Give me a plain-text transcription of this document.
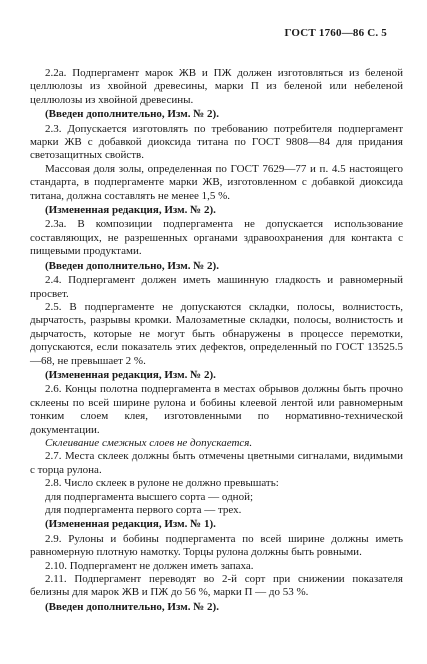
ГОСТ 1760—86 С. 5

2.2а. Подпергамент марок ЖВ и ПЖ должен изготовляться из беленой целлюлозы из хвойной древесины, марки П из беленой или небеленой целлюлозы из хвойной древесины.

(Введен дополнительно, Изм. № 2).

2.3. Допускается изготовлять по требованию потребителя подпергамент марки ЖВ с добавкой диоксида титана по ГОСТ 9808—84 для придания светозащитных свойств.

Массовая доля золы, определенная по ГОСТ 7629—77 и п. 4.5 настоящего стандарта, в подпергаменте марки ЖВ, изготовленном с добавкой диоксида титана, должна составлять не менее 1,5 %.

(Измененная редакция, Изм. № 2).

2.3а. В композиции подпергамента не допускается использование составляющих, не разрешенных органами здравоохранения для контакта с пищевыми продуктами.

(Введен дополнительно, Изм. № 2).

2.4. Подпергамент должен иметь машинную гладкость и равномерный просвет.

2.5. В подпергаменте не допускаются складки, полосы, волнистость, дырчатость, разрывы кромки. Малозаметные складки, полосы, волнистость и дырчатость, которые не могут быть обнаружены в процессе перемотки, допускаются, если показатель этих дефектов, определенный по ГОСТ 13525.5—68, не превышает 2 %.

(Измененная редакция, Изм. № 2).

2.6. Концы полотна подпергамента в местах обрывов должны быть прочно склеены по всей ширине рулона и бобины клеевой лентой или равномерным тонким слоем клея, изготовленными по нормативно-технической документации.

Склеивание смежных слоев не допускается.

2.7. Места склеек должны быть отмечены цветными сигналами, видимыми с торца рулона.

2.8. Число склеек в рулоне не должно превышать:

для подпергамента высшего сорта — одной;

для подпергамента первого сорта — трех.

(Измененная редакция, Изм. № 1).

2.9. Рулоны и бобины подпергамента по всей ширине должны иметь равномерную плотную намотку. Торцы рулона должны быть ровными.

2.10. Подпергамент не должен иметь запаха.

2.11. Подпергамент переводят во 2-й сорт при снижении показателя белизны для марок ЖВ и ПЖ до 56 %, марки П — до 53 %.

(Введен дополнительно, Изм. № 2).
